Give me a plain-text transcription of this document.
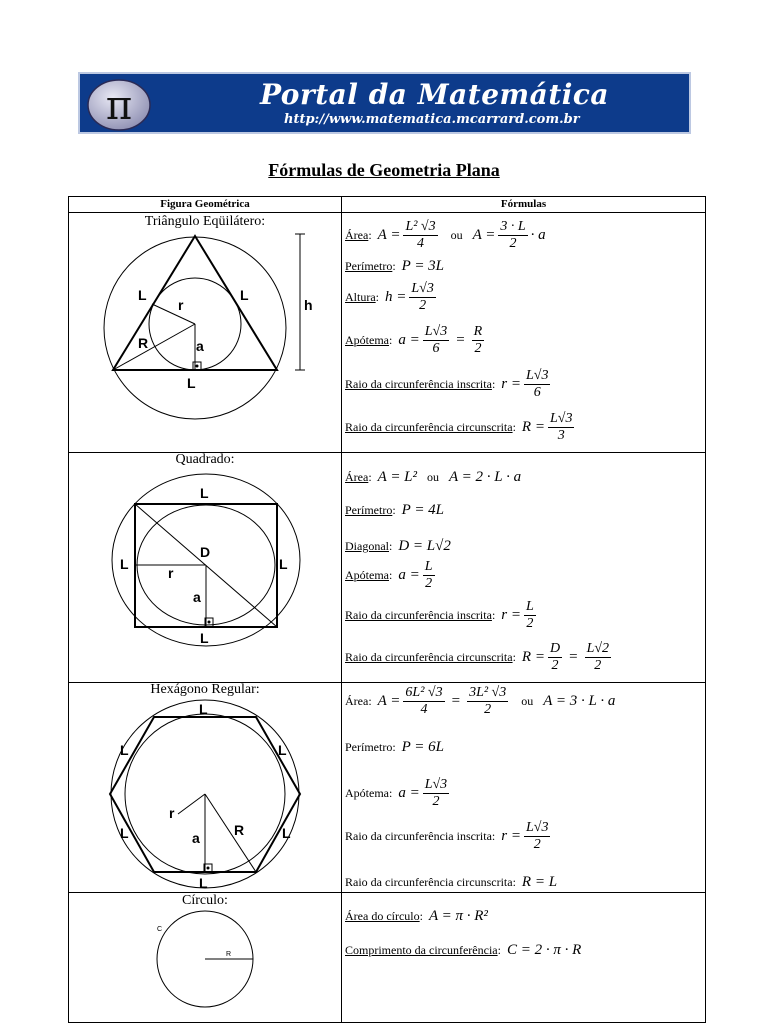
π	Portal da Matemática
http://www.matematica.mcarrard.com.br
Fórmulas de Geometria Plana
Figura Geométrica	Fórmulas
Triângulo Eqüilátero:
L	L
r
R	a
L
h
Área : $A = \frac{\text{L² √3}}{4}$ ou $A = \frac{3 \cdot L}{2} \cdot a$
Perímetro : P = 3L
Altura : $h = \frac{L√3}{2}$
Apótema : $a = \frac{L√3}{6} = \frac{R}{2}$
Raio da circunferência inscrita : $r = \frac{L√3}{6}$
Raio da circunferência circunscrita : $R = \frac{L√3}{3}$
Quadrado:
L
L	L
D
r
a
L
Área : A = L² ou A = 2 · L · a
Perímetro : P = 4L
Diagonal : D = L√2
Apótema : $a = \frac{L}{2}$
Raio da circunferência inscrita : $r = \frac{L}{2}$
Raio da circunferência circunscrita : $R = \frac{D}{2} = \frac{L√2}{2}$
Hexágono Regular:
L
L	L
L	L
r
a R
L
Área: $A = \frac{\text{6L² √3}}{4} = \frac{\text{3L² √3}}{2}$ ou A = 3 · L · a
Perímetro: P = 6L
Apótema: $a = \frac{L√3}{2}$
Raio da circunferência inscrita: $r = \frac{L√3}{2}$
Raio da circunferência circunscrita: R = L
Círculo:
C
R
Área do círculo : A = π · R²
Comprimento da circunferência : C = 2 · π · R
